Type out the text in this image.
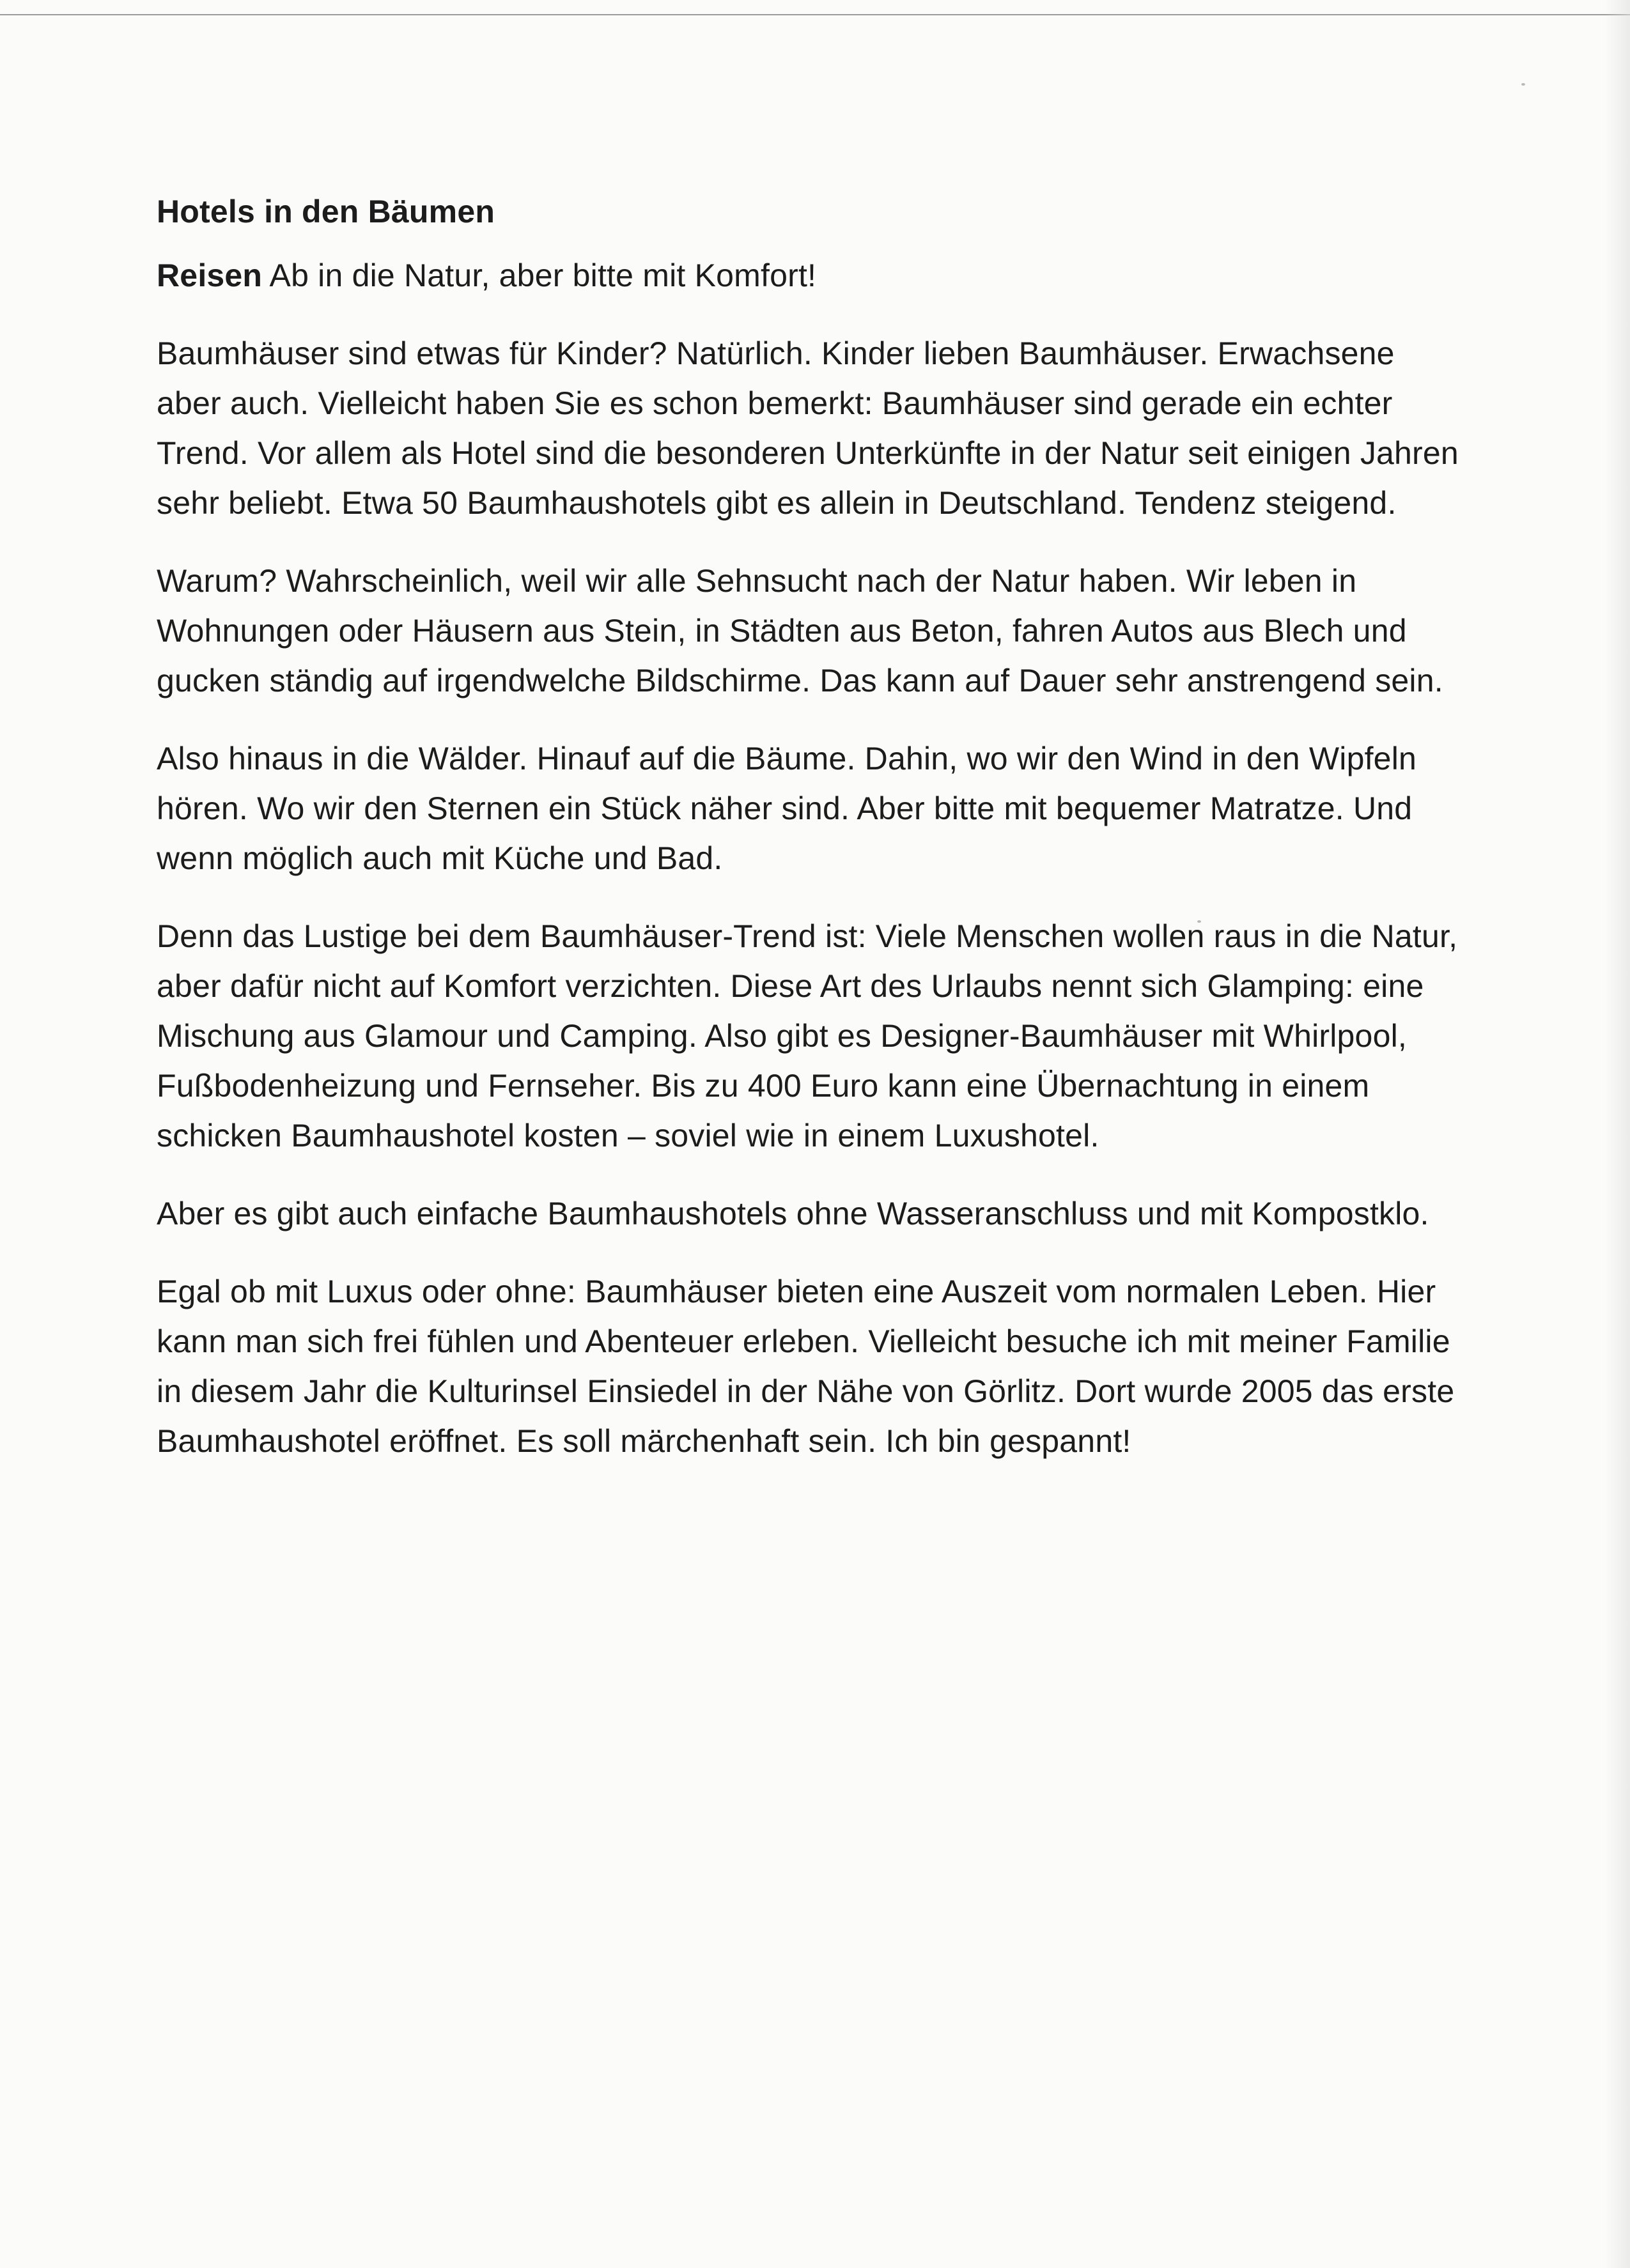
Hotels in den Bäumen

Reisen Ab in die Natur, aber bitte mit Komfort!

Baumhäuser sind etwas für Kinder? Natürlich. Kinder lieben Baumhäuser. Erwachsene aber auch. Vielleicht haben Sie es schon bemerkt: Baumhäuser sind gerade ein echter Trend. Vor allem als Hotel sind die besonderen Unterkünfte in der Natur seit einigen Jahren sehr beliebt. Etwa 50 Baumhaushotels gibt es allein in Deutschland. Tendenz steigend.

Warum? Wahrscheinlich, weil wir alle Sehnsucht nach der Natur haben. Wir leben in Wohnungen oder Häusern aus Stein, in Städten aus Beton, fahren Autos aus Blech und gucken ständig auf irgendwelche Bildschirme. Das kann auf Dauer sehr anstrengend sein.

Also hinaus in die Wälder. Hinauf auf die Bäume. Dahin, wo wir den Wind in den Wipfeln hören. Wo wir den Sternen ein Stück näher sind. Aber bitte mit bequemer Matratze. Und wenn möglich auch mit Küche und Bad.

Denn das Lustige bei dem Baumhäuser-Trend ist: Viele Menschen wollen raus in die Natur, aber dafür nicht auf Komfort verzichten. Diese Art des Urlaubs nennt sich Glamping: eine Mischung aus Glamour und Camping. Also gibt es Designer-Baumhäuser mit Whirlpool, Fußbodenheizung und Fernseher. Bis zu 400 Euro kann eine Übernachtung in einem schicken Baumhaushotel kosten – soviel wie in einem Luxushotel.

Aber es gibt auch einfache Baumhaushotels ohne Wasseranschluss und mit Kompostklo.

Egal ob mit Luxus oder ohne: Baumhäuser bieten eine Auszeit vom normalen Leben. Hier kann man sich frei fühlen und Abenteuer erleben. Vielleicht besuche ich mit meiner Familie in diesem Jahr die Kulturinsel Einsiedel in der Nähe von Görlitz. Dort wurde 2005 das erste Baumhaushotel eröffnet. Es soll märchenhaft sein. Ich bin gespannt!
